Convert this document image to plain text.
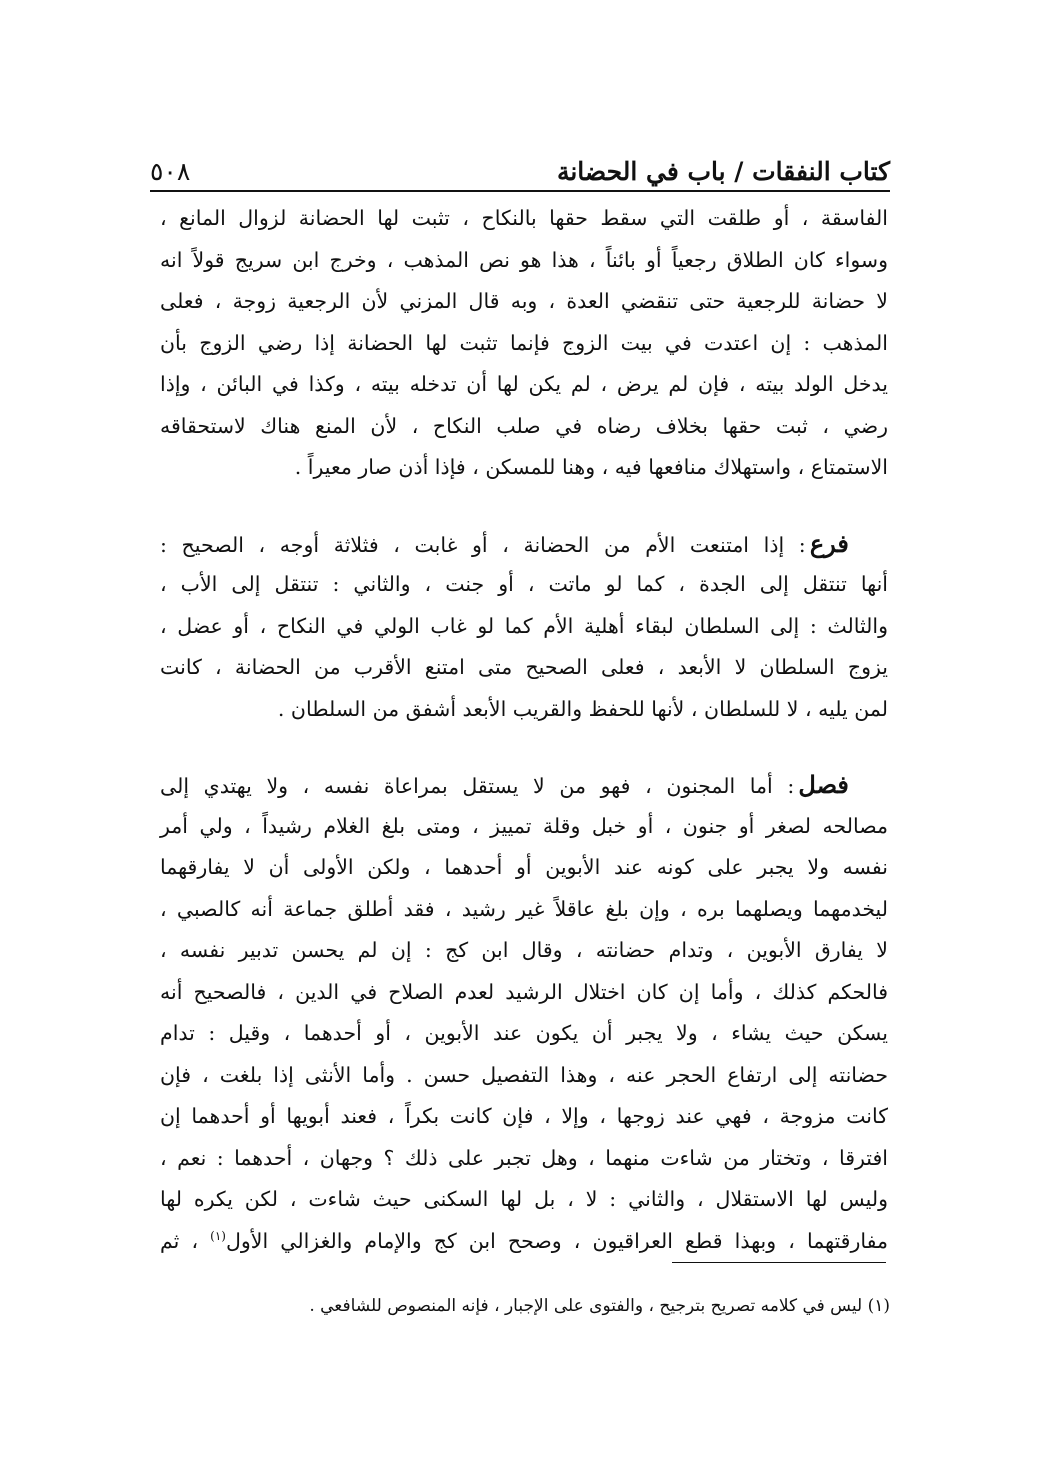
كتاب النفقات / باب في الحضانة
٥٠٨

الفاسقة ، أو طلقت التي سقط حقها بالنكاح ، تثبت لها الحضانة لزوال المانع ،
وسواء كان الطلاق رجعياً أو بائناً ، هذا هو نص المذهب ، وخرج ابن سريج قولاً انه
لا حضانة للرجعية حتى تنقضي العدة ، وبه قال المزني لأن الرجعية زوجة ، فعلى
المذهب : إن اعتدت في بيت الزوج فإنما تثبت لها الحضانة إذا رضي الزوج بأن
يدخل الولد بيته ، فإن لم يرض ، لم يكن لها أن تدخله بيته ، وكذا في البائن ، وإذا
رضي ، ثبت حقها بخلاف رضاه في صلب النكاح ، لأن المنع هناك لاستحقاقه
الاستمتاع ، واستهلاك منافعها فيه ، وهنا للمسكن ، فإذا أذن صار معيراً .

   فرع : إذا امتنعت الأم من الحضانة ، أو غابت ، فثلاثة أوجه ، الصحيح :
أنها تنتقل إلى الجدة ، كما لو ماتت ، أو جنت ، والثاني : تنتقل إلى الأب ،
والثالث : إلى السلطان لبقاء أهلية الأم كما لو غاب الولي في النكاح ، أو عضل ،
يزوج السلطان لا الأبعد ، فعلى الصحيح متى امتنع الأقرب من الحضانة ، كانت
لمن يليه ، لا للسلطان ، لأنها للحفظ والقريب الأبعد أشفق من السلطان .

   فصل : أما المجنون ، فهو من لا يستقل بمراعاة نفسه ، ولا يهتدي إلى
مصالحه لصغر أو جنون ، أو خبل وقلة تمييز ، ومتى بلغ الغلام رشيداً ، ولي أمر
نفسه ولا يجبر على كونه عند الأبوين أو أحدهما ، ولكن الأولى أن لا يفارقهما
ليخدمهما ويصلهما بره ، وإن بلغ عاقلاً غير رشيد ، فقد أطلق جماعة أنه كالصبي ،
لا يفارق الأبوين ، وتدام حضانته ، وقال ابن كج : إن لم يحسن تدبير نفسه ،
فالحكم كذلك ، وأما إن كان اختلال الرشيد لعدم الصلاح في الدين ، فالصحيح أنه
يسكن حيث يشاء ، ولا يجبر أن يكون عند الأبوين ، أو أحدهما ، وقيل : تدام
حضانته إلى ارتفاع الحجر عنه ، وهذا التفصيل حسن . وأما الأنثى إذا بلغت ، فإن
كانت مزوجة ، فهي عند زوجها ، وإلا ، فإن كانت بكراً ، فعند أبويها أو أحدهما إن
افترقا ، وتختار من شاءت منهما ، وهل تجبر على ذلك ؟ وجهان ، أحدهما : نعم ،
وليس لها الاستقلال ، والثاني : لا ، بل لها السكنى حيث شاءت ، لكن يكره لها
مفارقتهما ، وبهذا قطع العراقيون ، وصحح ابن كج والإمام والغزالي الأول$^{(١)}$ ، ثم

(١) ليس في كلامه تصريح بترجيح ، والفتوى على الإجبار ، فإنه المنصوص للشافعي .
